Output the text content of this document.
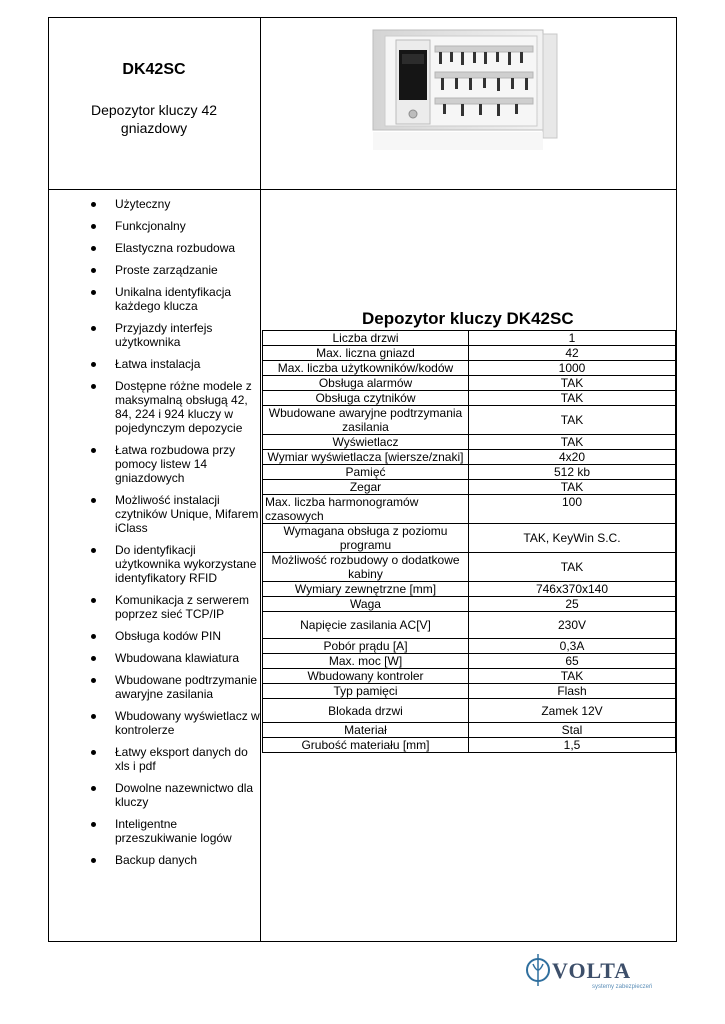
DK42SC
Depozytor kluczy 42 gniazdowy
Użyteczny
Funkcjonalny
Elastyczna rozbudowa
Proste zarządzanie
Unikalna identyfikacja każdego klucza
Przyjazdy interfejs użytkownika
Łatwa instalacja
Dostępne różne modele z maksymalną obsługą 42, 84, 224 i 924 kluczy w pojedynczym depozycie
Łatwa rozbudowa przy pomocy listew 14 gniazdowych
Możliwość instalacji czytników Unique, Mifarem iClass
Do identyfikacji użytkownika wykorzystane identyfikatory RFID
Komunikacja z serwerem poprzez sieć TCP/IP
Obsługa kodów PIN
Wbudowana klawiatura
Wbudowane podtrzymanie awaryjne zasilania
Wbudowany wyświetlacz w kontrolerze
Łatwy eksport danych do xls i pdf
Dowolne nazewnictwo dla kluczy
Inteligentne przeszukiwanie logów
Backup danych
Depozytor kluczy DK42SC
Liczba drzwi	1
Max. liczna gniazd	42
Max. liczba użytkowników/kodów	1000
Obsługa alarmów	TAK
Obsługa czytników	TAK
Wbudowane awaryjne podtrzymania zasilania	TAK
Wyświetlacz	TAK
Wymiar wyświetlacza [wiersze/znaki]	4x20
Pamięć	512 kb
Zegar	TAK
Max. liczba harmonogramów czasowych	100
Wymagana obsługa z poziomu programu	TAK, KeyWin S.C.
Możliwość rozbudowy o dodatkowe kabiny	TAK
Wymiary zewnętrzne [mm]	746x370x140
Waga	25
Napięcie zasilania AC[V]	230V
Pobór prądu [A]	0,3A
Max. moc [W]	65
Wbudowany kontroler	TAK
Typ pamięci	Flash
Blokada drzwi	Zamek 12V
Materiał	Stal
Grubość materiału [mm]	1,5
VOLTA
systemy zabezpieczeń
